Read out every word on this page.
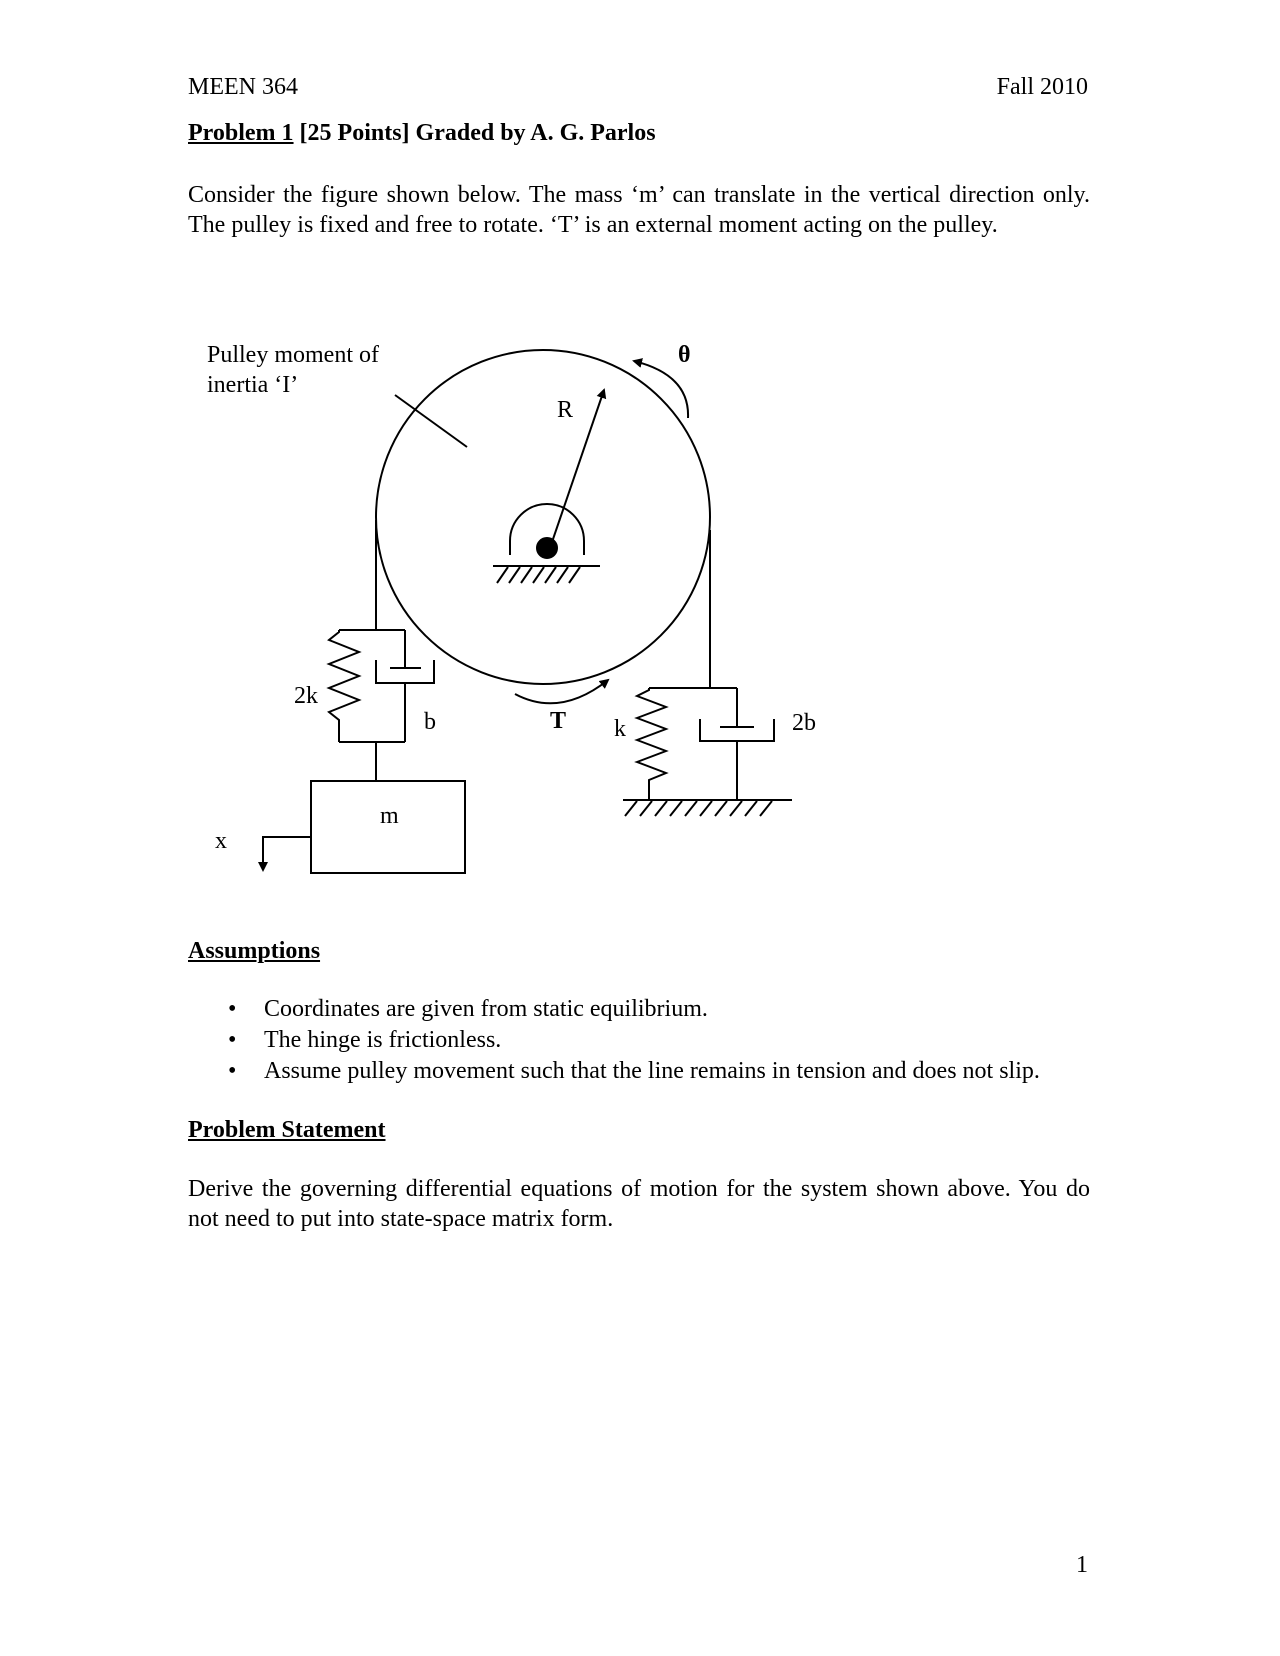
MEEN 364	Fall 2010
Problem 1 [25 Points] Graded by A. G. Parlos
Consider the figure shown below. The mass ‘m’ can translate in the vertical direction only. The pulley is fixed and free to rotate. ‘T’ is an external moment acting on the pulley.
Pulley moment of
inertia ‘I’
θ
R
2k
b	T k	2b
m
x
Assumptions
• Coordinates are given from static equilibrium.
• The hinge is frictionless.
• Assume pulley movement such that the line remains in tension and does not slip.
Problem Statement
Derive the governing differential equations of motion for the system shown above. You do not need to put into state-space matrix form.
1
